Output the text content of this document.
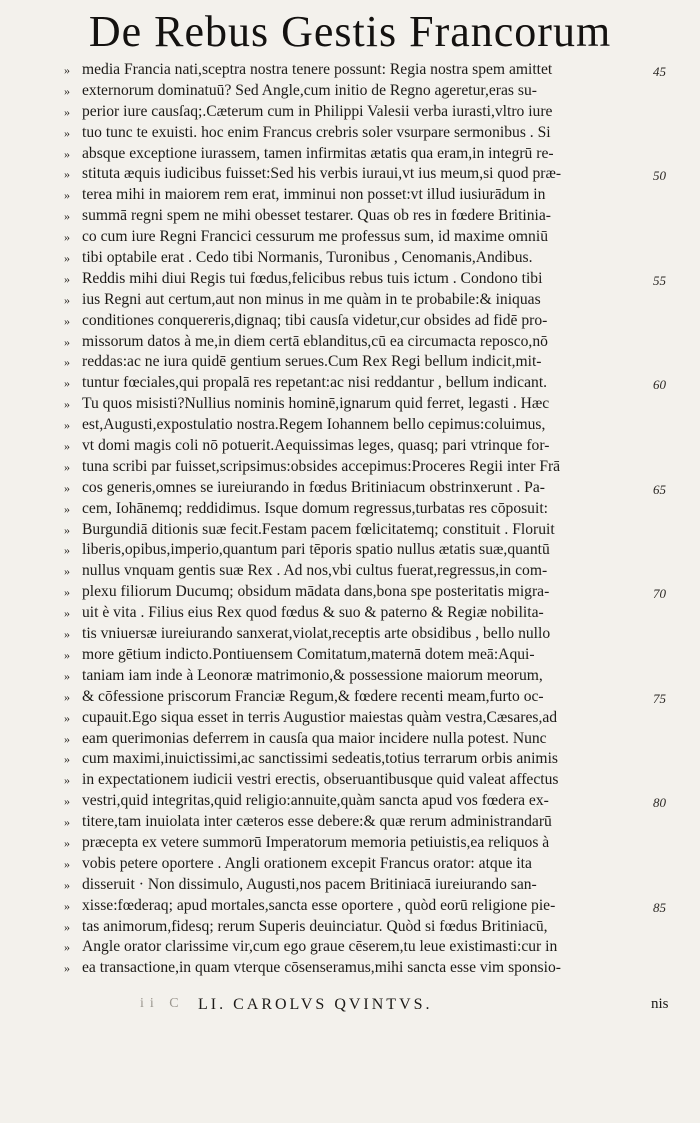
De Rebus Gestis Francorum
» media Francia nati,sceptra nostra tenere possunt: Regia nostra spem amittet	45
» externorum dominatuū? Sed Angle,cum initio de Regno ageretur,eras su-
» perior iure causſaq;.Cæterum cum in Philippi Valesii verba iurasti,vltro iure
» tuo tunc te exuisti. hoc enim Francus crebris soler vsurpare sermonibus . Si
» absque exceptione iurassem, tamen infirmitas ætatis qua eram,in integrū re-
» stituta æquis iudicibus fuisset:Sed his verbis iuraui,vt ius meum,si quod præ-	50
» terea mihi in maiorem rem erat, imminui non posset:vt illud iusiurādum in
» summā regni spem ne mihi obesset testarer. Quas ob res in fœdere Britinia-
» co cum iure Regni Francici cessurum me professus sum, id maxime omniū
» tibi optabile erat . Cedo tibi Normanis, Turonibus , Cenomanis,Andibus.
» Reddis mihi diui Regis tui fœdus,felicibus rebus tuis ictum . Condono tibi	55
» ius Regni aut certum,aut non minus in me quàm in te probabile:& iniquas
» conditiones conquereris,dignaq; tibi causſa videtur,cur obsides ad fidē pro-
» missorum datos à me,in diem certā eblanditus,cū ea circumacta reposco,nō
» reddas:ac ne iura quidē gentium serues.Cum Rex Regi bellum indicit,mit-
» tuntur fœciales,qui propalā res repetant:ac nisi reddantur , bellum indicant.	60
» Tu quos misisti?Nullius nominis hominē,ignarum quid ferret, legasti . Hæc
» est,Augusti,expostulatio nostra.Regem Iohannem bello cepimus:coluimus,
» vt domi magis coli nō potuerit.Aequissimas leges, quasq; pari vtrinque for-
» tuna scribi par fuisset,scripsimus:obsides accepimus:Proceres Regii inter Frā
» cos generis,omnes se iureiurando in fœdus Britiniacum obstrinxerunt . Pa-	65
» cem, Iohānemq; reddidimus. Isque domum regressus,turbatas res cōposuit:
» Burgundiā ditionis suæ fecit.Festam pacem fœlicitatemq; constituit . Floruit
» liberis,opibus,imperio,quantum pari tēporis spatio nullus ætatis suæ,quantū
» nullus vnquam gentis suæ Rex . Ad nos,vbi cultus fuerat,regressus,in com-
» plexu filiorum Ducumq; obsidum mādata dans,bona spe posteritatis migra-	70
» uit è vita . Filius eius Rex quod fœdus & suo & paterno & Regiæ nobilita-
» tis vniuersæ iureiurando sanxerat,violat,receptis arte obsidibus , bello nullo
» more gētium indicto.Pontiuensem Comitatum,maternā dotem meā:Aqui-
» taniam iam inde à Leonoræ matrimonio,& possessione maiorum meorum,
» & cōfessione priscorum Franciæ Regum,& fœdere recenti meam,furto oc-	75
» cupauit.Ego siqua esset in terris Augustior maiestas quàm vestra,Cæsares,ad
» eam querimonias deferrem in causſa qua maior incidere nulla potest. Nunc
» cum maximi,inuictissimi,ac sanctissimi sedeatis,totius terrarum orbis animis
» in expectationem iudicii vestri erectis, obseruantibusque quid valeat affectus
» vestri,quid integritas,quid religio:annuite,quàm sancta apud vos fœdera ex-	80
» titere,tam inuiolata inter cæteros esse debere:& quæ rerum administrandarū
» præcepta ex vetere summorū Imperatorum memoria petiuistis,ea reliquos à
» vobis petere oportere . Angli orationem excepit Francus orator: atque ita
» disseruit · Non dissimulo, Augusti,nos pacem Britiniacā iureiurando san-
» xisse:fœderaq; apud mortales,sancta esse oportere , quòd eorū religione pie-	85
» tas animorum,fidesq; rerum Superis deuinciatur. Quòd si fœdus Britiniacū,
» Angle orator clarissime vir,cum ego graue cēserem,tu leue existimasti:cur in
» ea transactione,in quam vterque cōsenseramus,mihi sancta esse vim sponsio-
ii C LI. CAROLVS QVINTVS.	nis
